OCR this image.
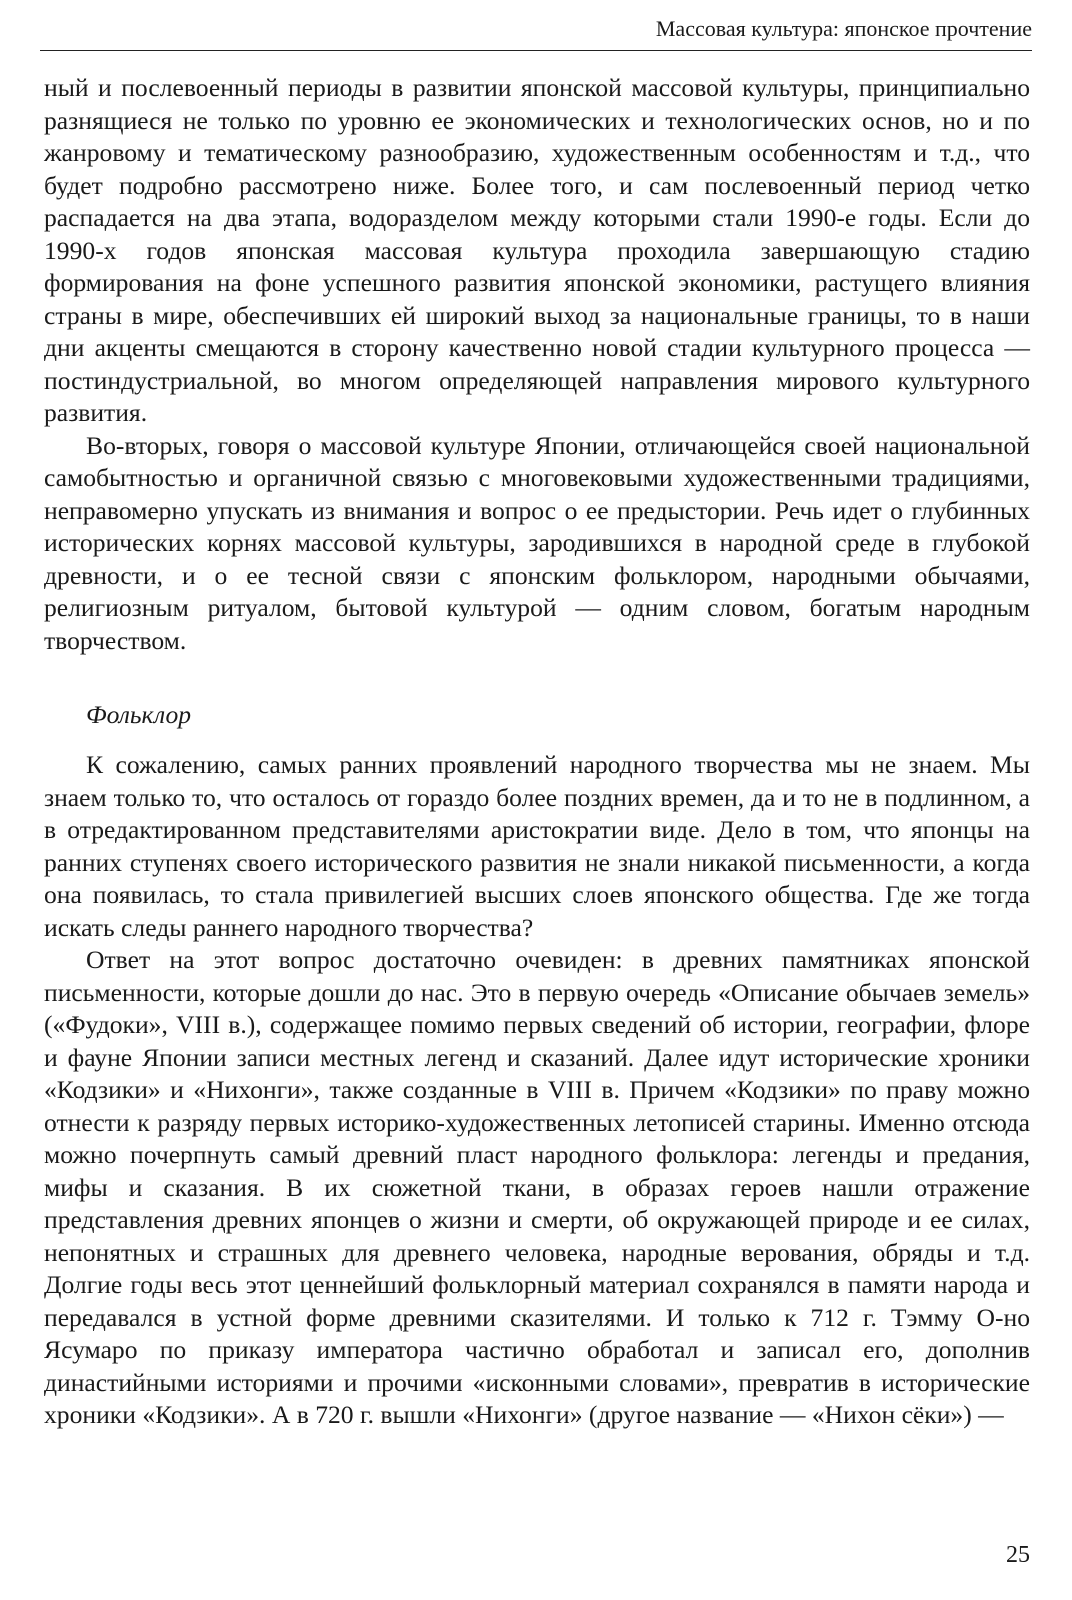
Массовая культура: японское прочтение

ный и послевоенный периоды в развитии японской массовой культуры, принципиально разнящиеся не только по уровню ее экономических и технологических основ, но и по жанровому и тематическому разнообразию, художественным особенностям и т.д., что будет подробно рассмотрено ниже. Более того, и сам послевоенный период четко распадается на два этапа, водоразделом между которыми стали 1990-е годы. Если до 1990-х годов японская массовая культура проходила завершающую стадию формирования на фоне успешного развития японской экономики, растущего влияния страны в мире, обеспечивших ей широкий выход за национальные границы, то в наши дни акценты смещаются в сторону качественно новой стадии культурного процесса — постиндустриальной, во многом определяющей направления мирового культурного развития.

Во-вторых, говоря о массовой культуре Японии, отличающейся своей национальной самобытностью и органичной связью с многовековыми художественными традициями, неправомерно упускать из внимания и вопрос о ее предыстории. Речь идет о глубинных исторических корнях массовой культуры, зародившихся в народной среде в глубокой древности, и о ее тесной связи с японским фольклором, народными обычаями, религиозным ритуалом, бытовой культурой — одним словом, богатым народным творчеством.

Фольклор

К сожалению, самых ранних проявлений народного творчества мы не знаем. Мы знаем только то, что осталось от гораздо более поздних времен, да и то не в подлинном, а в отредактированном представителями аристократии виде. Дело в том, что японцы на ранних ступенях своего исторического развития не знали никакой письменности, а когда она появилась, то стала привилегией высших слоев японского общества. Где же тогда искать следы раннего народного творчества?

Ответ на этот вопрос достаточно очевиден: в древних памятниках японской письменности, которые дошли до нас. Это в первую очередь «Описание обычаев земель» («Фудоки», VIII в.), содержащее помимо первых сведений об истории, географии, флоре и фауне Японии записи местных легенд и сказаний. Далее идут исторические хроники «Кодзики» и «Нихонги», также созданные в VIII в. Причем «Кодзики» по праву можно отнести к разряду первых историко-художественных летописей старины. Именно отсюда можно почерпнуть самый древний пласт народного фольклора: легенды и предания, мифы и сказания. В их сюжетной ткани, в образах героев нашли отражение представления древних японцев о жизни и смерти, об окружающей природе и ее силах, непонятных и страшных для древнего человека, народные верования, обряды и т.д. Долгие годы весь этот ценнейший фольклорный материал сохранялся в памяти народа и передавался в устной форме древними сказителями. И только к 712 г. Тэмму О-но Ясумаро по приказу императора частично обработал и записал его, дополнив династийными историями и прочими «исконными словами», превратив в исторические хроники «Кодзики». А в 720 г. вышли «Нихонги» (другое название — «Нихон сёки») —

25
